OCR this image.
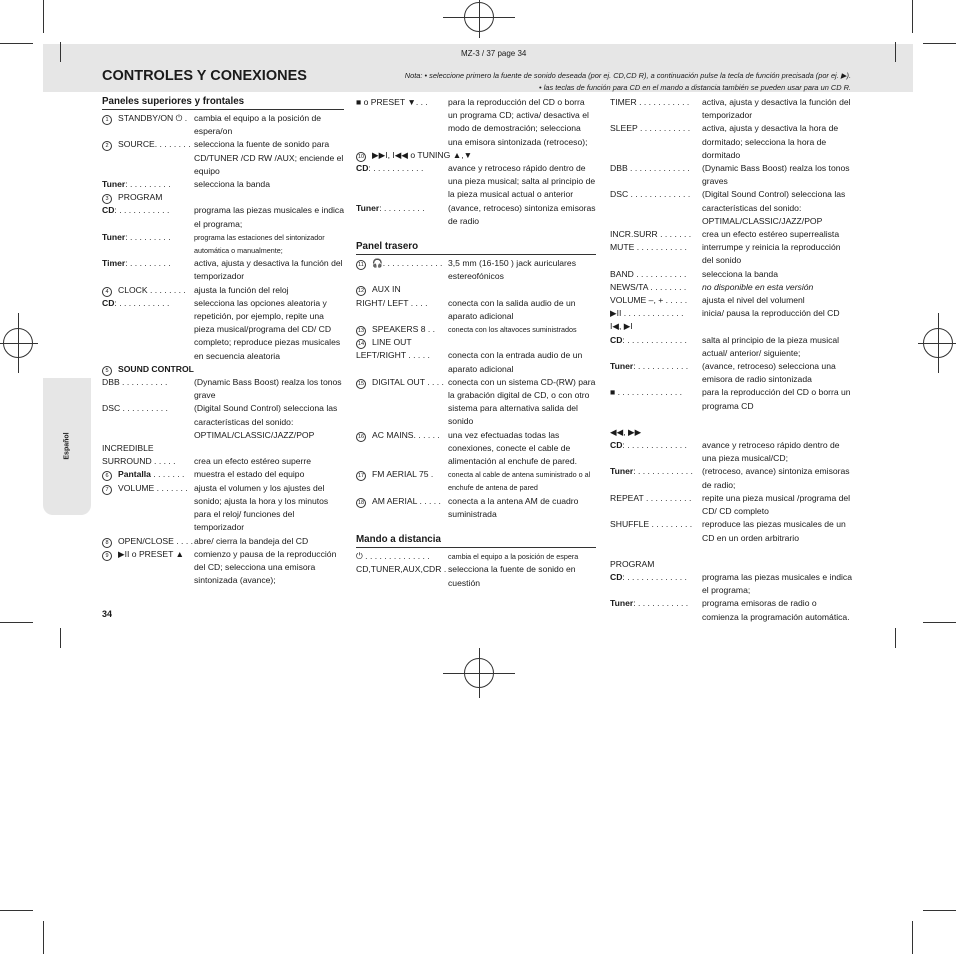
Español
MZ-3 / 37 page 34
CONTROLES Y CONEXIONES	Nota: • seleccione primero la fuente de sonido deseada (por ej. CD,CD R), a continuación pulse la tecla de función precisada (por ej. ▶).
• las teclas de función para CD en el mando a distancia también se pueden usar para un CD R.
Paneles superiores y frontales
1 STANDBY/ON ⏻ . cambia el equipo a la posición de espera/on
2 SOURCE. . . . . . . . selecciona la fuente de sonido para CD/TUNER /CD RW /AUX; enciende el equipo
Tuner: . . . . . . . . .	selecciona la banda
3 PROGRAM
CD: . . . . . . . . . . .	programa las piezas musicales e indica el programa;
Tuner: . . . . . . . . .	programa las estaciones del sintonizador automática o manualmente;
Timer: . . . . . . . . .	activa, ajusta y desactiva la función del temporizador
4 CLOCK . . . . . . . . ajusta la función del reloj
CD: . . . . . . . . . . .	selecciona las opciones aleatoria y repetición, por ejemplo, repite una pieza musical/programa del CD/ CD completo; reproduce piezas musicales en secuencia aleatoria
5 SOUND CONTROL
DBB . . . . . . . . . .	(Dynamic Bass Boost) realza los tonos grave
DSC . . . . . . . . . .	(Digital Sound Control) selecciona las características del sonido: OPTIMAL/CLASSIC/JAZZ/POP
INCREDIBLE
SURROUND . . . . .	crea un efecto estéreo superre
6 Pantalla . . . . . . .	muestra el estado del equipo
7 VOLUME . . . . . . . ajusta el volumen y los ajustes del sonido; ajusta la hora y los minutos para el reloj/ funciones del temporizador
8 OPEN/CLOSE . . . . abre/ cierra la bandeja del CD
9 ▶II o PRESET ▲	comienzo y pausa de la reproducción del CD; selecciona una emisora sintonizada (avance);
■ o PRESET ▼. . .	para la reproducción del CD o borra un programa CD; activa/ desactiva el modo de demostración; selecciona una emisora sintonizada (retroceso);
10 ▶▶I, I◀◀ o TUNING ▲,▼
CD: . . . . . . . . . . .	avance y retroceso rápido dentro de una pieza musical; salta al principio de la pieza musical actual o anterior
Tuner: . . . . . . . . .	(avance, retroceso) sintoniza emisoras de radio
Panel trasero
11 🎧. . . . . . . . . . . . . 3,5 mm (16-150 ) jack auriculares estereofónicos
12 AUX IN
RIGHT/ LEFT . . . .	conecta con la salida audio de un aparato adicional
13 SPEAKERS 8 . .	conecta con los altavoces suministrados
14 LINE OUT
LEFT/RIGHT . . . . .	conecta con la entrada audio de un aparato adicional
15 DIGITAL OUT . . . . conecta con un sistema CD-(RW) para la grabación digital de CD, o con otro sistema para alternativa salida del sonido
16 AC MAINS. . . . . . una vez efectuadas todas las conexiones, conecte el cable de alimentación al enchufe de pared.
17 FM AERIAL 75 .	conecta al cable de antena suministrado o al enchufe de antena de pared
18 AM AERIAL . . . . . conecta a la antena AM de cuadro suministrada
Mando a distancia
⏻ . . . . . . . . . . . . . .	cambia el equipo a la posición de espera
CD,TUNER,AUX,CDR . selecciona la fuente de sonido en cuestión
TIMER . . . . . . . . . . .	activa, ajusta y desactiva la función del temporizador
SLEEP . . . . . . . . . . .	activa, ajusta y desactiva la hora de dormitado; selecciona la hora de dormitado
DBB . . . . . . . . . . . . .	(Dynamic Bass Boost) realza los tonos graves
DSC . . . . . . . . . . . . .	(Digital Sound Control) selecciona las características del sonido: OPTIMAL/CLASSIC/JAZZ/POP
INCR.SURR . . . . . . .	crea un efecto estéreo superrealista
MUTE . . . . . . . . . . .	interrumpe y reinicia la reproducción del sonido
BAND . . . . . . . . . . .	selecciona la banda
NEWS/TA . . . . . . . .	no disponible en esta versión
VOLUME –, + . . . . .	ajusta el nivel del volumenl
▶II . . . . . . . . . . . . .	inicia/ pausa la reproducción del CD
I◀, ▶I
CD: . . . . . . . . . . . . .	salta al principio de la pieza musical actual/ anterior/ siguiente;
Tuner: . . . . . . . . . . .	(avance, retroceso) selecciona una emisora de radio sintonizada
■ . . . . . . . . . . . . . .	para la reproducción del CD o borra un programa CD
◀◀, ▶▶
CD: . . . . . . . . . . . . .	avance y retroceso rápido dentro de una pieza musical/CD;
Tuner: . . . . . . . . . . . .	(retroceso, avance) sintoniza emisoras de radio;
REPEAT . . . . . . . . . .	repite una pieza musical /programa del CD/ CD completo
SHUFFLE . . . . . . . . .	reproduce las piezas musicales de un CD en un orden arbitrario
PROGRAM
CD: . . . . . . . . . . . . .	programa las piezas musicales e indica el programa;
Tuner: . . . . . . . . . . .	programa emisoras de radio o comienza la programación automática.
34
